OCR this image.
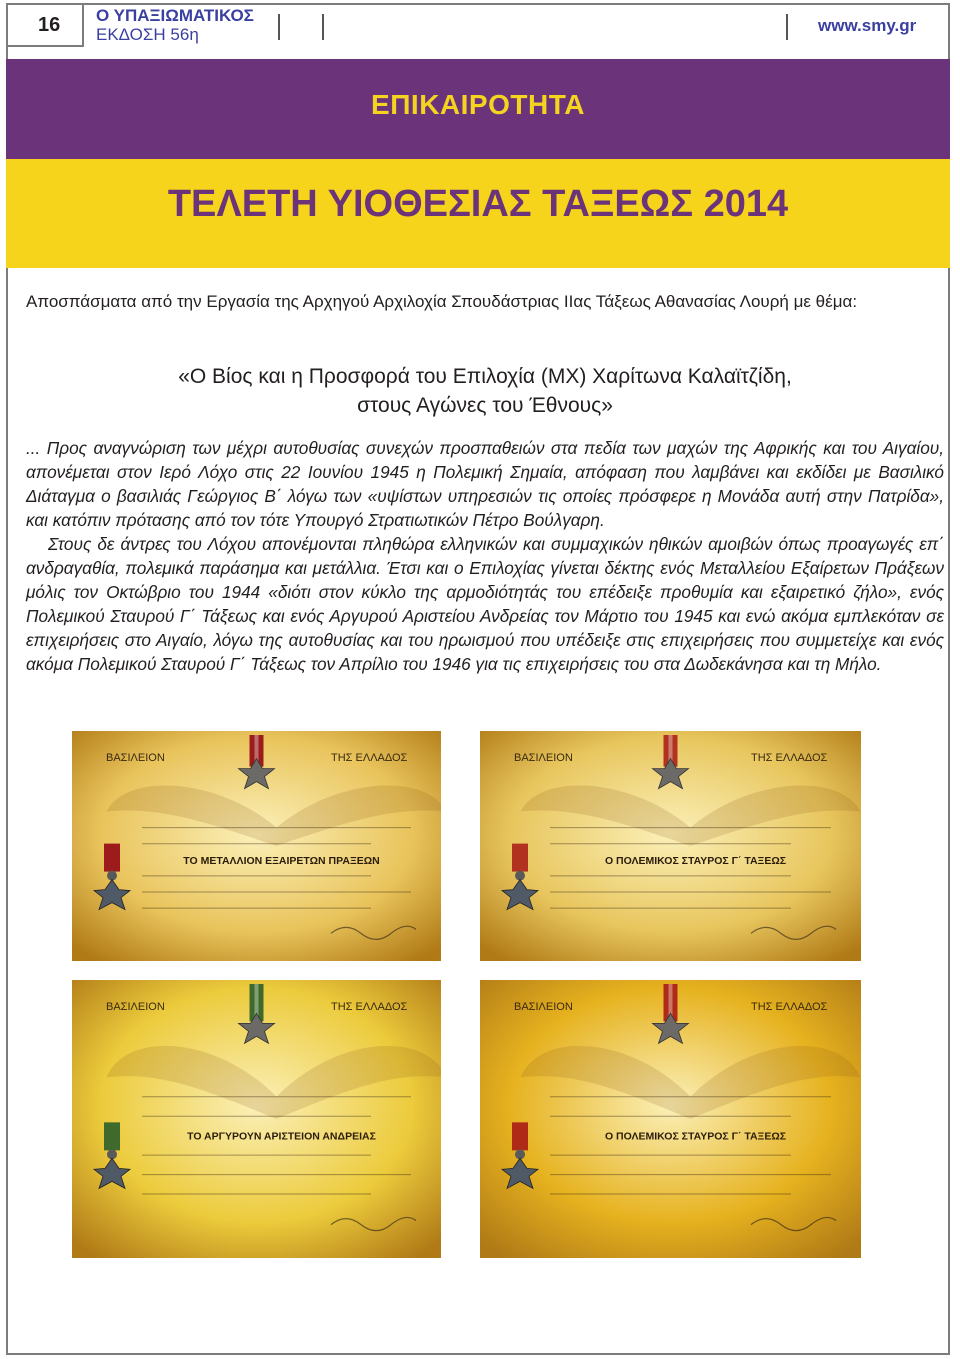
16	Ο ΥΠΑΞΙΩΜΑΤΙΚΟΣ
ΕΚΔΟΣΗ 56η	www.smy.gr
ΕΠΙΚΑΙΡΟΤΗΤΑ
ΤΕΛΕΤΗ ΥΙΟΘΕΣΙΑΣ ΤΑΞΕΩΣ 2014
Αποσπάσματα από την Εργασία της Αρχηγού Αρχιλοχία Σπουδάστριας ΙΙας Τάξεως Αθανασίας Λουρή με θέμα:
«Ο Βίος και η Προσφορά του Επιλοχία (ΜΧ) Χαρίτωνα Καλαϊτζίδη,
στους Αγώνες του Έθνους»

... Προς αναγνώριση των μέχρι αυτοθυσίας συνεχών προσπαθειών στα πεδία των μαχών της Αφρικής και του Αιγαίου, απονέμεται στον Ιερό Λόχο στις 22 Ιουνίου 1945 η Πολεμική Σημαία, απόφαση που λαμβάνει και εκδίδει με Βασιλικό Διάταγμα ο βασιλιάς Γεώργιος Β΄ λόγω των «υψίστων υπηρεσιών τις οποίες πρόσφερε η Μονάδα αυτή στην Πατρίδα», και κατόπιν πρότασης από τον τότε Υπουργό Στρατιωτικών Πέτρο Βούλγαρη.

Στους δε άντρες του Λόχου απονέμονται πληθώρα ελληνικών και συμμαχικών ηθικών αμοιβών όπως προαγωγές επ΄ ανδραγαθία, πολεμικά παράσημα και μετάλλια. Έτσι και ο Επιλοχίας γίνεται δέκτης ενός Μεταλλείου Εξαίρετων Πράξεων μόλις τον Οκτώβριο του 1944 «διότι στον κύκλο της αρμοδιότητάς του επέδειξε προθυμία και εξαιρετικό ζήλο», ενός Πολεμικού Σταυρού Γ΄ Τάξεως και ενός Αργυρού Αριστείου Ανδρείας τον Μάρτιο του 1945 και ενώ ακόμα εμπλεκόταν σε επιχειρήσεις στο Αιγαίο, λόγω της αυτοθυσίας και του ηρωισμού που υπέδειξε στις επιχειρήσεις που συμμετείχε και ενός ακόμα Πολεμικού Σταυρού Γ΄ Τάξεως τον Απρίλιο του 1946 για τις επιχειρήσεις του στα Δωδεκάνησα και τη Μήλο.

ΒΑΣΙΛΕΙΟΝ	ΤΗΣ ΕΛΛΑΔΟΣ
ΤΟ ΜΕΤΑΛΛΙΟΝ ΕΞΑΙΡΕΤΩΝ ΠΡΑΞΕΩΝ
ΒΑΣΙΛΕΙΟΝ	ΤΗΣ ΕΛΛΑΔΟΣ
Ο ΠΟΛΕΜΙΚΟΣ ΣΤΑΥΡΟΣ Γ΄ ΤΑΞΕΩΣ
ΒΑΣΙΛΕΙΟΝ	ΤΗΣ ΕΛΛΑΔΟΣ
ΤΟ ΑΡΓΥΡΟΥΝ ΑΡΙΣΤΕΙΟΝ ΑΝΔΡΕΙΑΣ
ΒΑΣΙΛΕΙΟΝ	ΤΗΣ ΕΛΛΑΔΟΣ
Ο ΠΟΛΕΜΙΚΟΣ ΣΤΑΥΡΟΣ Γ΄ ΤΑΞΕΩΣ
